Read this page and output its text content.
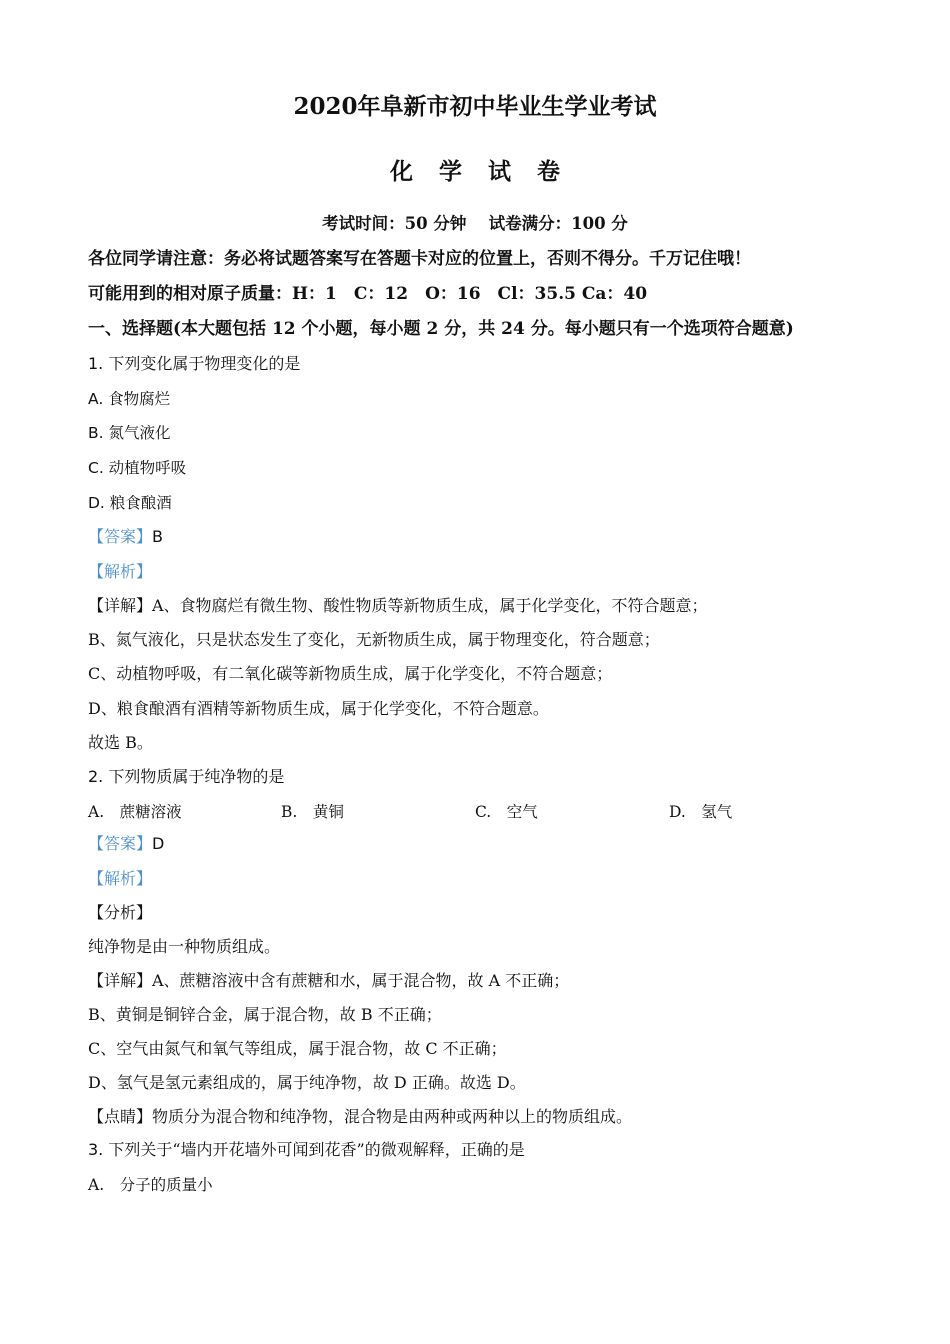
2020年阜新市初中毕业生学业考试
化学试卷
考试时间：50 分钟　 试卷满分：100 分
各位同学请注意：务必将试题答案写在答题卡对应的位置上，否则不得分。千万记住哦！
可能用到的相对原子质量：H：1　C：12　O：16　Cl：35.5 Ca：40
一、选择题(本大题包括 12 个小题，每小题 2 分，共 24 分。每小题只有一个选项符合题意)
1. 下列变化属于物理变化的是
A. 食物腐烂
B. 氮气液化
C. 动植物呼吸
D. 粮食酿酒
【答案】B
【解析】
【详解】A、食物腐烂有微生物、酸性物质等新物质生成，属于化学变化，不符合题意；
B、氮气液化，只是状态发生了变化，无新物质生成，属于物理变化，符合题意；
C、动植物呼吸，有二氧化碳等新物质生成，属于化学变化，不符合题意；
D、粮食酿酒有酒精等新物质生成，属于化学变化，不符合题意。
故选 B。
2. 下列物质属于纯净物的是
A.　蔗糖溶液	B.　黄铜	C.　空气	D.　氢气
【答案】D
【解析】
【分析】
纯净物是由一种物质组成。
【详解】A、蔗糖溶液中含有蔗糖和水，属于混合物，故 A 不正确；
B、黄铜是铜锌合金，属于混合物，故 B 不正确；
C、空气由氮气和氧气等组成，属于混合物，故 C 不正确；
D、氢气是氢元素组成的，属于纯净物，故 D 正确。故选 D。
【点睛】物质分为混合物和纯净物，混合物是由两种或两种以上的物质组成。
3. 下列关于“墙内开花墙外可闻到花香”的微观解释，正确的是
A.　分子的质量小
